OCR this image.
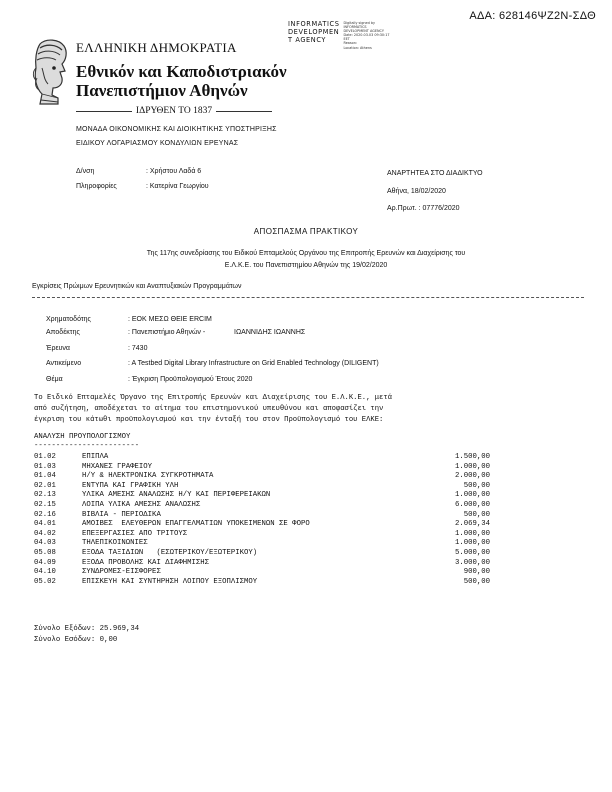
ΑΔΑ: 628146ΨΖ2Ν-ΣΔΘ
INFORMATICS
DEVELOPMEN
T AGENCY
Digitally signed by
INFORMATICS
DEVELOPMENT AGENCY
Date: 2020.03.03 09:30:17
EET
Reason:
Location: Athens
ΕΛΛΗΝΙΚΗ ΔΗΜΟΚΡΑΤΙΑ
Εθνικόν και Καποδιστριακόν
Πανεπιστήμιον Αθηνών
ΙΔΡΥΘΕΝ ΤΟ 1837
ΜΟΝΑΔΑ ΟΙΚΟΝΟΜΙΚΗΣ ΚΑΙ ΔΙΟΙΚΗΤΙΚΗΣ ΥΠΟΣΤΗΡΙΞΗΣ
ΕΙΔΙΚΟΥ ΛΟΓΑΡΙΑΣΜΟΥ ΚΟΝΔΥΛΙΩΝ ΕΡΕΥΝΑΣ
Δ/νση	: Χρήστου Λαδά 6
Πληροφορίες	: Κατερίνα Γεωργίου
ΑΝΑΡΤΗΤΕΑ ΣΤΟ ΔΙΑΔΙΚΤΥΟ
Αθήνα, 18/02/2020
Αρ.Πρωτ. : 07776/2020
ΑΠΟΣΠΑΣΜΑ ΠΡΑΚΤΙΚΟΥ
Της 117ης συνεδρίασης του Ειδικού Επταμελούς Οργάνου της Επιτροπής Ερευνών και Διαχείρισης του
Ε.Λ.Κ.Ε. του Πανεπιστημίου Αθηνών της 19/02/2020
Εγκρίσεις Πρώιμων Ερευνητικών και Αναπτυξιακών Προγραμμάτων
Χρηματοδότης	: ΕΟΚ ΜΕΣΩ ΘΕΙΕ ΕRCIM
Αποδέκτης	: Πανεπιστήμιο Αθηνών -	ΙΩΑΝΝΙΔΗΣ ΙΩΑΝΝΗΣ
Έρευνα	: 7430
Αντικείμενο	: A Testbed Digital Library Infrastructure on Grid Enabled Technology (DILIGENT)
Θέμα	: Έγκριση Προϋπολογισμού Έτους 2020
Το Ειδικό Επταμελές Όργανο της Επιτροπής Ερευνών και Διαχείρισης του Ε.Λ.Κ.Ε., μετά
από συζήτηση, αποδέχεται το αίτημα του επιστημονικού υπευθύνου και αποφασίζει την
έγκριση του κάτωθι προϋπολογισμού και την ένταξή του στον Προϋπολογισμό του ΕΛΚΕ:
ΑΝΑΛΥΣΗ ΠΡΟΥΠΟΛΟΓΙΣΜΟΥ
------------------------
01.02	ΕΠΙΠΛΑ	1.500,00
01.03	ΜΗΧΑΝΕΣ ΓΡΑΦΕΙΟΥ	1.000,00
01.04	Η/Υ & ΗΛΕΚΤΡΟΝΙΚΑ ΣΥΓΚΡΟΤΗΜΑΤΑ	2.000,00
02.01	ΕΝΤΥΠΑ ΚΑΙ ΓΡΑΦΙΚΗ ΥΛΗ	500,00
02.13	ΥΛΙΚΑ ΑΜΕΣΗΣ ΑΝΑΛΩΣΗΣ Η/Υ ΚΑΙ ΠΕΡΙΦΕΡΕΙΑΚΩΝ	1.000,00
02.15	ΛΟΙΠΑ ΥΛΙΚΑ ΑΜΕΣΗΣ ΑΝΑΛΩΣΗΣ	6.000,00
02.16	ΒΙΒΛΙΑ - ΠΕΡΙΟΔΙΚΑ	500,00
04.01	ΑΜΟΙΒΕΣ  ΕΛΕΥΘΕΡΩΝ ΕΠΑΓΓΕΛΜΑΤΙΩΝ ΥΠΟΚΕΙΜΕΝΩΝ ΣΕ ΦΟΡΟ	2.069,34
04.02	ΕΠΕΞΕΡΓΑΣΙΕΣ ΑΠΟ ΤΡΙΤΟΥΣ	1.000,00
04.03	ΤΗΛΕΠΙΚΟΙΝΩΝΙΕΣ	1.000,00
05.08	ΕΞΟΔΑ ΤΑΞΙΔΙΩΝ   (ΕΣΩΤΕΡΙΚΟΥ/ΕΞΩΤΕΡΙΚΟΥ)	5.000,00
04.09	ΕΞΟΔΑ ΠΡΟΒΟΛΗΣ ΚΑΙ ΔΙΑΦΗΜΙΣΗΣ	3.000,00
04.10	ΣΥΝΔΡΟΜΕΣ-ΕΙΣΦΟΡΕΣ	900,00
05.02	ΕΠΙΣΚΕΥΗ ΚΑΙ ΣΥΝΤΗΡΗΣΗ ΛΟΙΠΟΥ ΕΞΟΠΛΙΣΜΟΥ	500,00
Σύνολο Εξόδων: 25.969,34
Σύνολο Εσόδων: 0,00
